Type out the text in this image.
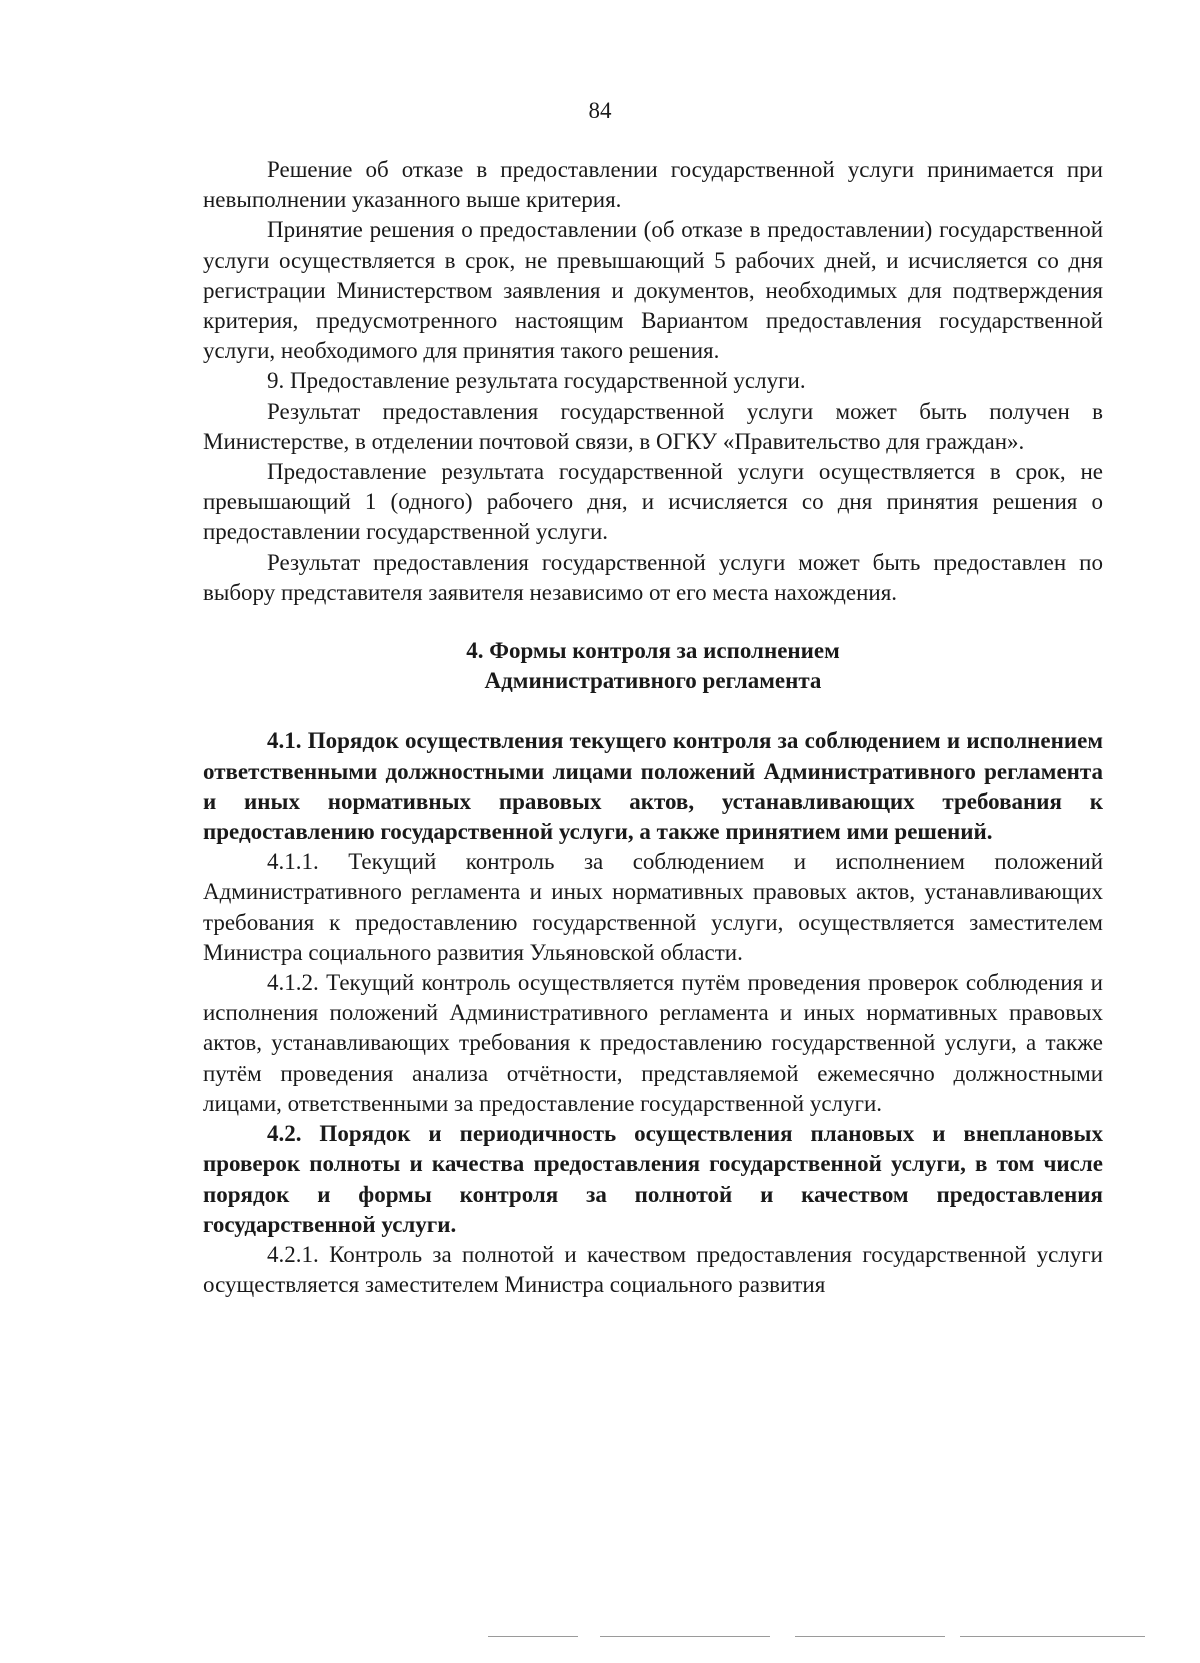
84

Решение об отказе в предоставлении государственной услуги принимается при невыполнении указанного выше критерия.

Принятие решения о предоставлении (об отказе в предоставлении) государственной услуги осуществляется в срок, не превышающий 5 рабочих дней, и исчисляется со дня регистрации Министерством заявления и документов, необходимых для подтверждения критерия, предусмотренного настоящим Вариантом предоставления государственной услуги, необходимого для принятия такого решения.

9. Предоставление результата государственной услуги.

Результат предоставления государственной услуги может быть получен в Министерстве, в отделении почтовой связи, в ОГКУ «Правительство для граждан».

Предоставление результата государственной услуги осуществляется в срок, не превышающий 1 (одного) рабочего дня, и исчисляется со дня принятия решения о предоставлении государственной услуги.

Результат предоставления государственной услуги может быть предоставлен по выбору представителя заявителя независимо от его места нахождения.

4. Формы контроля за исполнением
Административного регламента

4.1. Порядок осуществления текущего контроля за соблюдением и исполнением ответственными должностными лицами положений Административного регламента и иных нормативных правовых актов, устанавливающих требования к предоставлению государственной услуги, а также принятием ими решений.

4.1.1. Текущий контроль за соблюдением и исполнением положений Административного регламента и иных нормативных правовых актов, устанавливающих требования к предоставлению государственной услуги, осуществляется заместителем Министра социального развития Ульяновской области.

4.1.2. Текущий контроль осуществляется путём проведения проверок соблюдения и исполнения положений Административного регламента и иных нормативных правовых актов, устанавливающих требования к предоставлению государственной услуги, а также путём проведения анализа отчётности, представляемой ежемесячно должностными лицами, ответственными за предоставление государственной услуги.

4.2. Порядок и периодичность осуществления плановых и внеплановых проверок полноты и качества предоставления государственной услуги, в том числе порядок и формы контроля за полнотой и качеством предоставления государственной услуги.

4.2.1. Контроль за полнотой и качеством предоставления государственной услуги осуществляется заместителем Министра социального развития
